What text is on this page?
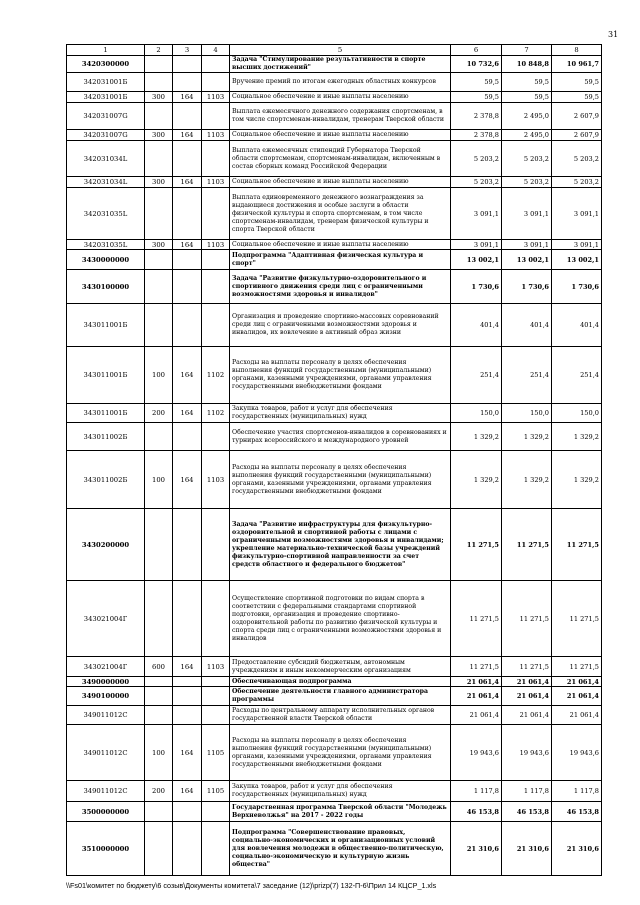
31
1	2	3	4	5	6	7	8
3420300000				Задача "Стимулирование результативности в спорте высших достижений"	10 732,6	10 848,8	10 961,7
342031001Б				Вручение премий по итогам ежегодных областных конкурсов	59,5	59,5	59,5
342031001Б	300	164	1103	Социальное обеспечение и иные выплаты населению	59,5	59,5	59,5
342031007G				Выплата ежемесячного денежного содержания спортсменам, в том числе спортсменам-инвалидам, тренерам Тверской области	2 378,8	2 495,0	2 607,9
342031007G	300	164	1103	Социальное обеспечение и иные выплаты населению	2 378,8	2 495,0	2 607,9
342031034L				Выплата ежемесячных стипендий Губернатора Тверской области спортсменам, спортсменам-инвалидам, включенным в состав сборных команд Российской Федерации	5 203,2	5 203,2	5 203,2
342031034L	300	164	1103	Социальное обеспечение и иные выплаты населению	5 203,2	5 203,2	5 203,2
342031035L				Выплата единовременного денежного вознаграждения за выдающиеся достижения и особые заслуги в области физической культуры и спорта спортсменам, в том числе спортсменам-инвалидам, тренерам физической культуры и спорта Тверской области	3 091,1	3 091,1	3 091,1
342031035L	300	164	1103	Социальное обеспечение и иные выплаты населению	3 091,1	3 091,1	3 091,1
3430000000				Подпрограмма "Адаптивная физическая культура и спорт"	13 002,1	13 002,1	13 002,1
3430100000				Задача "Развитие физкультурно-оздоровительного и спортивного движения среди лиц с ограниченными возможностями здоровья и инвалидов"	1 730,6	1 730,6	1 730,6
343011001Б				Организация и проведение спортивно-массовых соревнований среди лиц с ограниченными возможностями здоровья и инвалидов, их вовлечение в активный образ жизни	401,4	401,4	401,4
343011001Б	100	164	1102	Расходы на выплаты персоналу в целях обеспечения выполнения функций государственными (муниципальными) органами, казенными учреждениями, органами управления государственными внебюджетными фондами	251,4	251,4	251,4
343011001Б	200	164	1102	Закупка товаров, работ и услуг для обеспечения государственных (муниципальных) нужд	150,0	150,0	150,0
343011002Б				Обеспечение участия спортсменов-инвалидов в соревнованиях и турнирах всероссийского и международного уровней	1 329,2	1 329,2	1 329,2
343011002Б	100	164	1103	Расходы на выплаты персоналу в целях обеспечения выполнения функций государственными (муниципальными) органами, казенными учреждениями, органами управления государственными внебюджетными фондами	1 329,2	1 329,2	1 329,2
3430200000				Задача "Развитие инфраструктуры для физкультурно-оздоровительной и спортивной работы с лицами с ограниченными возможностями здоровья и инвалидами; укрепление материально-технической базы учреждений физкультурно-спортивной направленности за счет средств областного и федерального бюджетов"	11 271,5	11 271,5	11 271,5
343021004Г				Осуществление спортивной подготовки по видам спорта в соответствии с федеральными стандартами спортивной подготовки, организация и проведение спортивно-оздоровительной работы по развитию физической культуры и спорта среди лиц с ограниченными возможностями здоровья и инвалидов	11 271,5	11 271,5	11 271,5
343021004Г	600	164	1103	Предоставление субсидий бюджетным, автономным учреждениям и иным некоммерческим организациям	11 271,5	11 271,5	11 271,5
3490000000				Обеспечивающая подпрограмма	21 061,4	21 061,4	21 061,4
3490100000				Обеспечение деятельности главного администратора программы	21 061,4	21 061,4	21 061,4
349011012С				Расходы по центральному аппарату исполнительных органов государственной власти Тверской области	21 061,4	21 061,4	21 061,4
349011012С	100	164	1105	Расходы на выплаты персоналу в целях обеспечения выполнения функций государственными (муниципальными) органами, казенными учреждениями, органами управления государственными внебюджетными фондами	19 943,6	19 943,6	19 943,6
349011012С	200	164	1105	Закупка товаров, работ и услуг для обеспечения государственных (муниципальных) нужд	1 117,8	1 117,8	1 117,8
3500000000				Государственная программа Тверской области "Молодежь Верхневолжья" на 2017 - 2022 годы	46 153,8	46 153,8	46 153,8
3510000000				Подпрограмма "Совершенствование правовых, социально-экономических и организационных условий для вовлечения молодежи в общественно-политическую, социально-экономическую и культурную жизнь общества"	21 310,6	21 310,6	21 310,6
\\Fs01\комитет по бюджету\6 созыв\Документы комитета\7 заседание (12)\prizp(7) 132-П-6\Прил 14 КЦСР_1.xls
